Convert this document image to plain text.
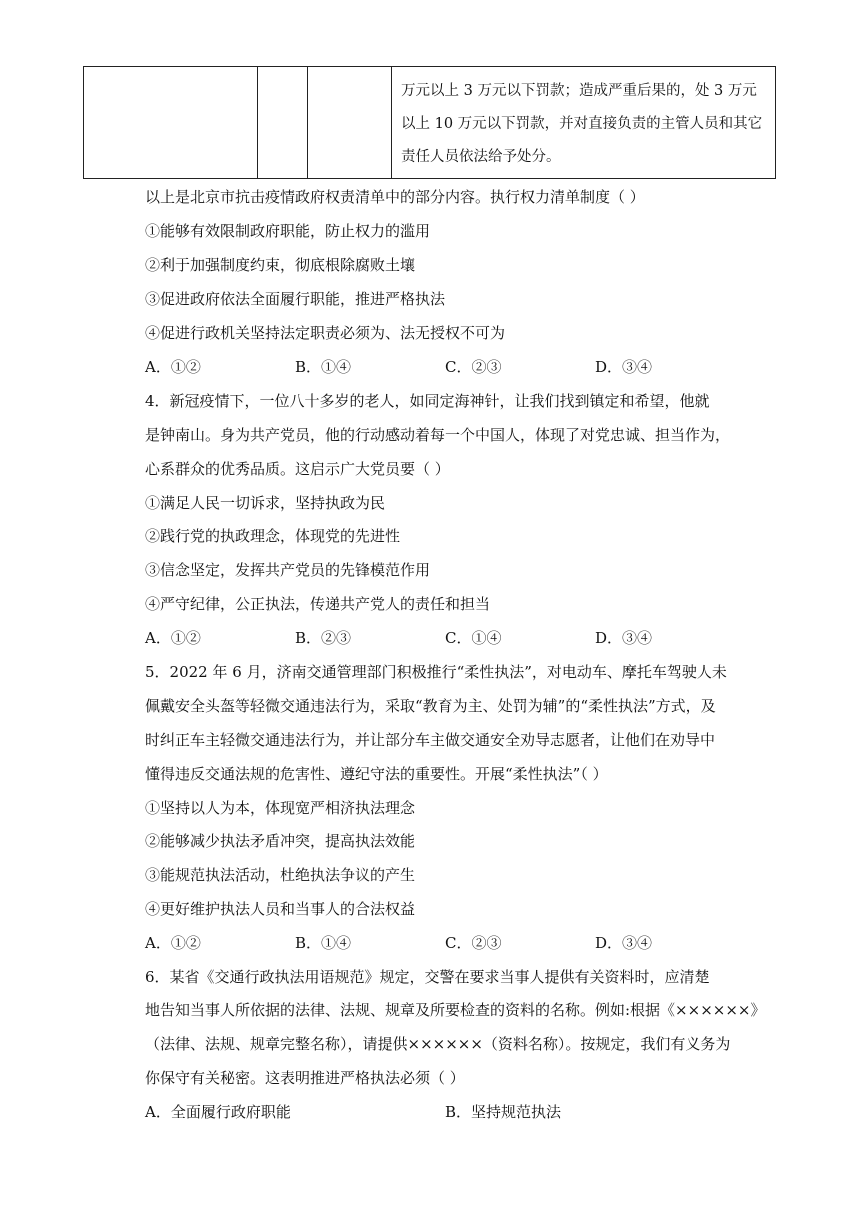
万元以上 3 万元以下罚款；造成严重后果的，处 3 万元
以上 10 万元以下罚款，并对直接负责的主管人员和其它
责任人员依法给予处分。
以上是北京市抗击疫情政府权责清单中的部分内容。执行权力清单制度（ ）
①能够有效限制政府职能，防止权力的滥用
②利于加强制度约束，彻底根除腐败土壤
③促进政府依法全面履行职能，推进严格执法
④促进行政机关坚持法定职责必须为、法无授权不可为
A．①②	B．①④	C．②③	D．③④
4．新冠疫情下，一位八十多岁的老人，如同定海神针，让我们找到镇定和希望，他就
是钟南山。身为共产党员，他的行动感动着每一个中国人，体现了对党忠诚、担当作为，
心系群众的优秀品质。这启示广大党员要（ ）
①满足人民一切诉求，坚持执政为民
②践行党的执政理念，体现党的先进性
③信念坚定，发挥共产党员的先锋模范作用
④严守纪律，公正执法，传递共产党人的责任和担当
A．①②	B．②③	C．①④	D．③④
5．2022 年 6 月，济南交通管理部门积极推行“柔性执法”，对电动车、摩托车驾驶人未
佩戴安全头盔等轻微交通违法行为，采取“教育为主、处罚为辅”的“柔性执法”方式，及
时纠正车主轻微交通违法行为，并让部分车主做交通安全劝导志愿者，让他们在劝导中
懂得违反交通法规的危害性、遵纪守法的重要性。开展“柔性执法”（ ）
①坚持以人为本，体现宽严相济执法理念
②能够减少执法矛盾冲突，提高执法效能
③能规范执法活动，杜绝执法争议的产生
④更好维护执法人员和当事人的合法权益
A．①②	B．①④	C．②③	D．③④
6．某省《交通行政执法用语规范》规定，交警在要求当事人提供有关资料时，应清楚
地告知当事人所依据的法律、法规、规章及所要检查的资料的名称。例如:根据《××××××》
（法律、法规、规章完整名称），请提供××××××（资料名称）。按规定，我们有义务为
你保守有关秘密。这表明推进严格执法必须（ ）
A．全面履行政府职能	B．坚持规范执法
